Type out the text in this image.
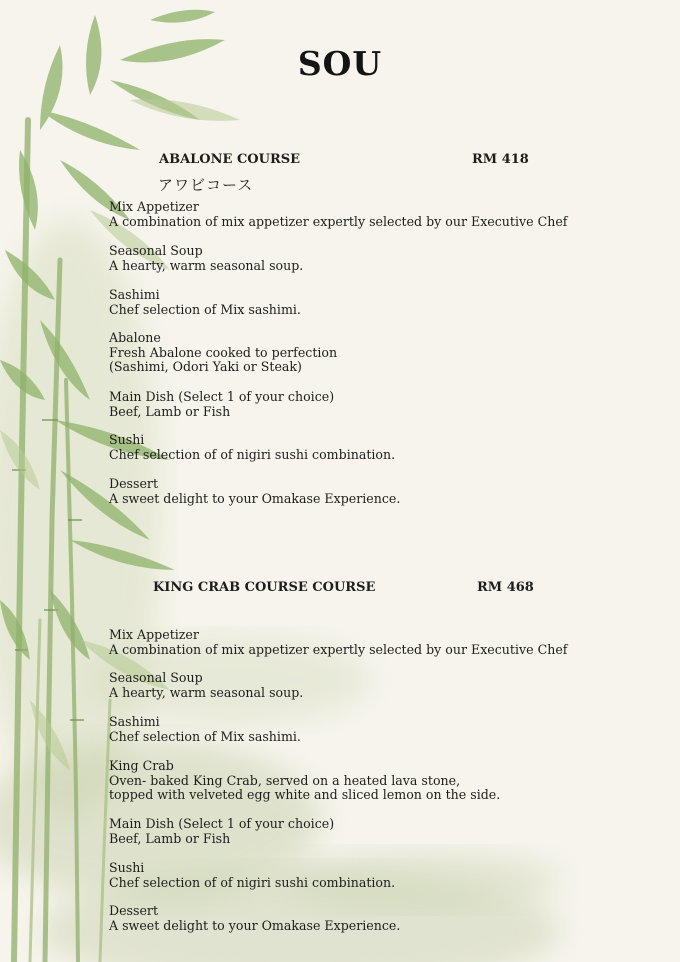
SOU
ABALONE COURSE	RM 418
アワビコース
Mix Appetizer
A combination of mix appetizer expertly selected by our Executive Chef
Seasonal Soup
A hearty, warm seasonal soup.
Sashimi
Chef selection of Mix sashimi.
Abalone
Fresh Abalone cooked to perfection
(Sashimi, Odori Yaki or Steak)
Main Dish (Select 1 of your choice)
Beef, Lamb or Fish
Sushi
Chef selection of of nigiri sushi combination.
Dessert
A sweet delight to your Omakase Experience.
KING CRAB COURSE COURSE	RM 468
Mix Appetizer
A combination of mix appetizer expertly selected by our Executive Chef
Seasonal Soup
A hearty, warm seasonal soup.
Sashimi
Chef selection of Mix sashimi.
King Crab
Oven- baked King Crab, served on a heated lava stone,
topped with velveted egg white and sliced lemon on the side.
Main Dish (Select 1 of your choice)
Beef, Lamb or Fish
Sushi
Chef selection of of nigiri sushi combination.
Dessert
A sweet delight to your Omakase Experience.
